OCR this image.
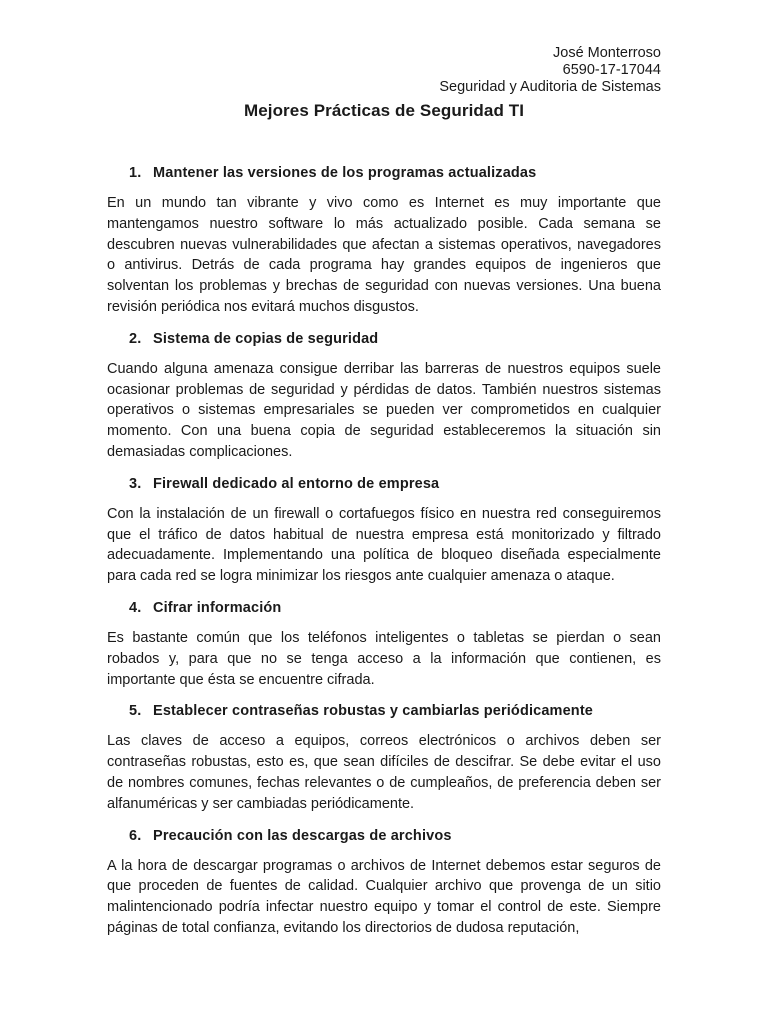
José Monterroso
6590-17-17044
Seguridad y Auditoria de Sistemas
Mejores Prácticas de Seguridad TI
1. Mantener las versiones de los programas actualizadas

En un mundo tan vibrante y vivo como es Internet es muy importante que mantengamos nuestro software lo más actualizado posible. Cada semana se descubren nuevas vulnerabilidades que afectan a sistemas operativos, navegadores o antivirus. Detrás de cada programa hay grandes equipos de ingenieros que solventan los problemas y brechas de seguridad con nuevas versiones. Una buena revisión periódica nos evitará muchos disgustos.

2. Sistema de copias de seguridad

Cuando alguna amenaza consigue derribar las barreras de nuestros equipos suele ocasionar problemas de seguridad y pérdidas de datos. También nuestros sistemas operativos o sistemas empresariales se pueden ver comprometidos en cualquier momento. Con una buena copia de seguridad estableceremos la situación sin demasiadas complicaciones.

3. Firewall dedicado al entorno de empresa

Con la instalación de un firewall o cortafuegos físico en nuestra red conseguiremos que el tráfico de datos habitual de nuestra empresa está monitorizado y filtrado adecuadamente. Implementando una política de bloqueo diseñada especialmente para cada red se logra minimizar los riesgos ante cualquier amenaza o ataque.

4. Cifrar información

Es bastante común que los teléfonos inteligentes o tabletas se pierdan o sean robados y, para que no se tenga acceso a la información que contienen, es importante que ésta se encuentre cifrada.

5. Establecer contraseñas robustas y cambiarlas periódicamente

Las claves de acceso a equipos, correos electrónicos o archivos deben ser contraseñas robustas, esto es, que sean difíciles de descifrar. Se debe evitar el uso de nombres comunes, fechas relevantes o de cumpleaños, de preferencia deben ser alfanuméricas y ser cambiadas periódicamente.

6. Precaución con las descargas de archivos

A la hora de descargar programas o archivos de Internet debemos estar seguros de que proceden de fuentes de calidad. Cualquier archivo que provenga de un sitio malintencionado podría infectar nuestro equipo y tomar el control de este. Siempre páginas de total confianza, evitando los directorios de dudosa reputación,
